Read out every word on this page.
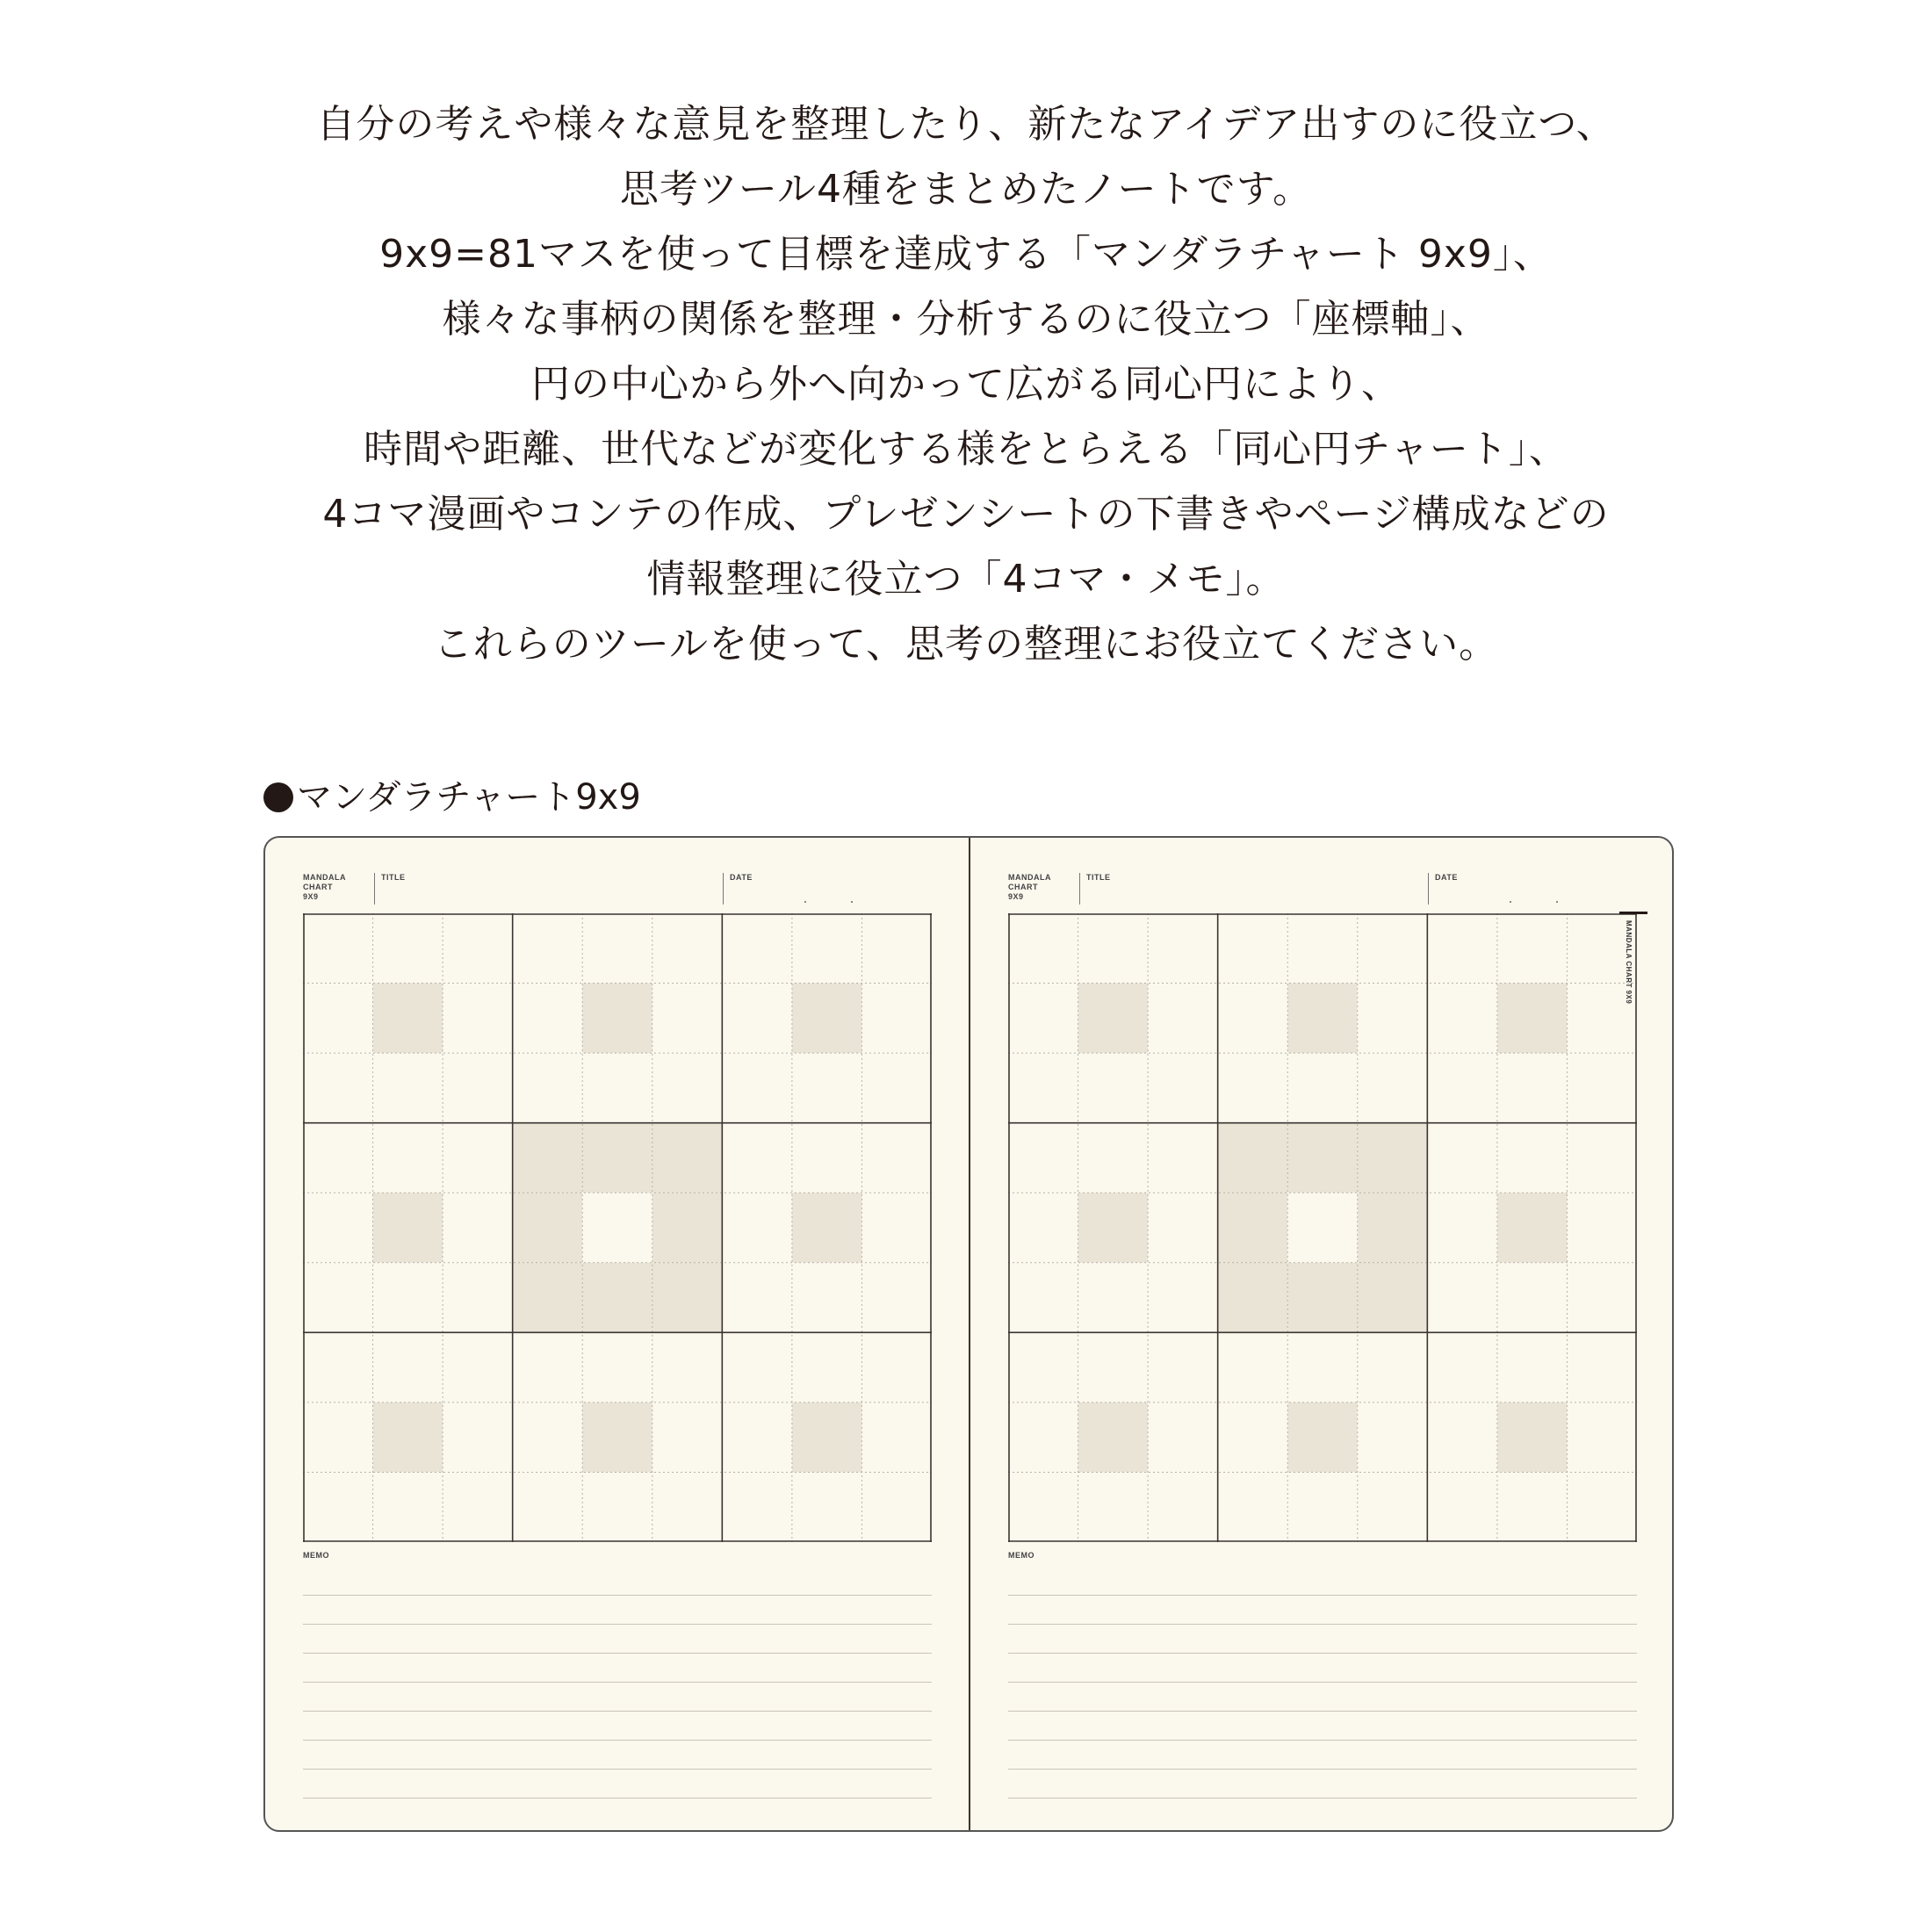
自分の考えや様々な意見を整理したり、新たなアイデア出すのに役立つ、
思考ツール4種をまとめたノートです。
9x9=81マスを使って目標を達成する「マンダラチャート 9x9」、
様々な事柄の関係を整理・分析するのに役立つ「座標軸」、
円の中心から外へ向かって広がる同心円により、
時間や距離、世代などが変化する様をとらえる「同心円チャート」、
4コマ漫画やコンテの作成、プレゼンシートの下書きやページ構成などの
情報整理に役立つ「4コマ・メモ」。
これらのツールを使って、思考の整理にお役立てください。
マンダラチャート9x9
MANDALA
CHART
9X9
TITLE	DATE
MEMO
MANDALA
CHART
9X9
TITLE	DATE
MEMO
MANDALA CHART 9X9
